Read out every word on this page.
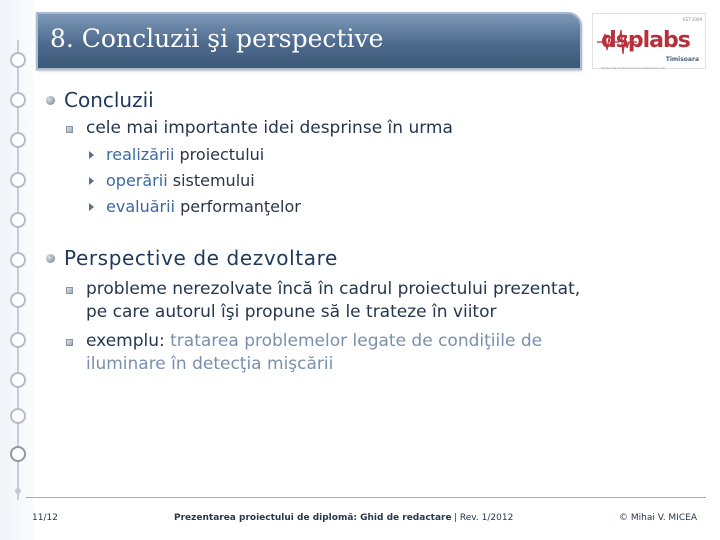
8. Concluzii şi perspective
EST 2009
dsplabs
Timisoara
Digital Signal Processing & Multimedia Lab
Concluzii
cele mai importante idei desprinse în urma
realizării proiectului
operării sistemului
evaluării performanţelor
Perspective de dezvoltare
probleme nerezolvate încă în cadrul proiectului prezentat,
pe care autorul îşi propune să le trateze în viitor
exemplu: tratarea problemelor legate de condiţiile de
iluminare în detecţia mişcării
11/12	Prezentarea proiectului de diplomă: Ghid de redactare | Rev. 1/2012	© Mihai V. MICEA
